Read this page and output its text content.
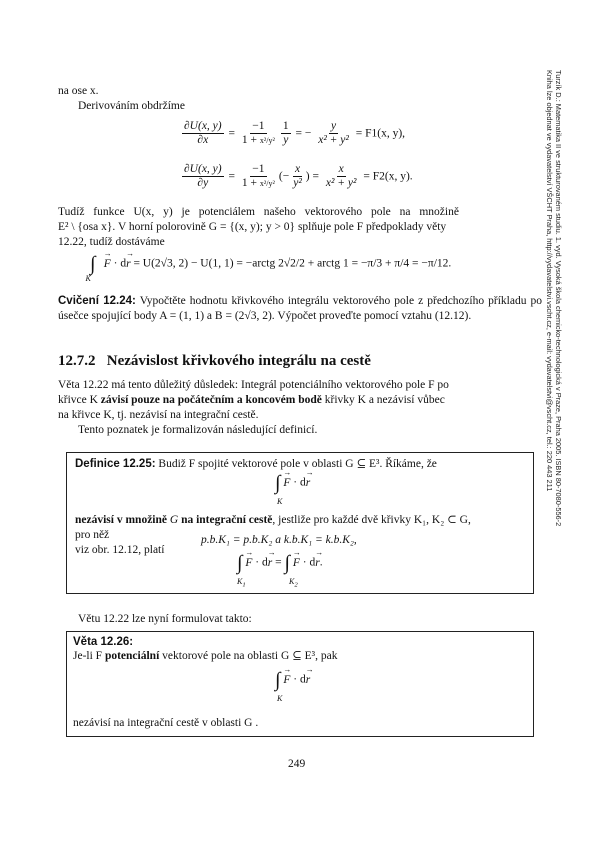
Turzík D.: Matematika II ve strukturovaném studiu. 1. vyd. Vysoká škola chemicko-technologická v Praze, Praha 2005. ISBN 80-7080-556-2
Kniha lze objednat ve vydavatelství VŠCHT Praha, http://vydavatelstvi.vscht.cz, e-mail: vydavatelstvi@vscht.cz, tel.: 220 443 211
na ose x.
Derivováním obdržíme
$\frac{\partial U(x, y)}{\partial x} = \frac{-1}{\text{1 + x²/y²}} \frac{1}{y}$ = − $\frac{y}{\text{x² + y²}} = F1(x$, y),
$\frac{\partial U(x, y)}{\partial y} = \frac{-1}{\text{1 + x²/y²}}$ (− $\frac{x}{\text{y²}}$ ) = $\frac{x}{\text{x² + y²}} = F2(x$, y).
Tudíž funkce U(x, y) je potenciálem našeho vektorového pole na množině
E² \ {osa x}. V horní polorovině G = {(x, y); y > 0} splňuje pole F předpoklady věty
12.22, tudíž dostáváme
$\int_K \to F \cdot d\to r = U(2√3$, 2) − U(1, 1) = −arctg 2√2/2 + arctg 1 = −π/3 + π/4 = −π/12.
Cvičení 12.24: Vypočtěte hodnotu křivkového integrálu vektorového pole z předchozího příkladu po úsečce spojující body A = (1, 1) a B = (2√3, 2). Výpočet proveďte pomocí vztahu (12.12).
12.7.2 Nezávislost křivkového integrálu na cestě
Věta 12.22 má tento důležitý důsledek: Integrál potenciálního vektorového pole F po
křivce K závisí pouze na počátečním a koncovém bodě křivky K a nezávisí vůbec
na křivce K, tj. nezávisí na integrační cestě.
Tento poznatek je formalizován následující definicí.
Definice 12.25: Budiž F spojité vektorové pole v oblasti G ⊆ E³. Říkáme, že
∫ → F · d→ r
K
nezávisí v množině G na integrační cestě, jestliže pro každé dvě křivky K₁, K₂ ⊂ G,
pro něž	p.b.K₁ = p.b.K₂ a k.b.K₁ = k.b.K₂,
viz obr. 12.12, platí
∫ → F · d→ r = ∫ → F · d→ r.
$K_1$	$K_2$
Větu 12.22 lze nyní formulovat takto:
Věta 12.26:
Je-li F potenciální vektorové pole na oblasti G ⊆ E³, pak
∫ → F · d→ r
K
nezávisí na integrační cestě v oblasti G .
249
